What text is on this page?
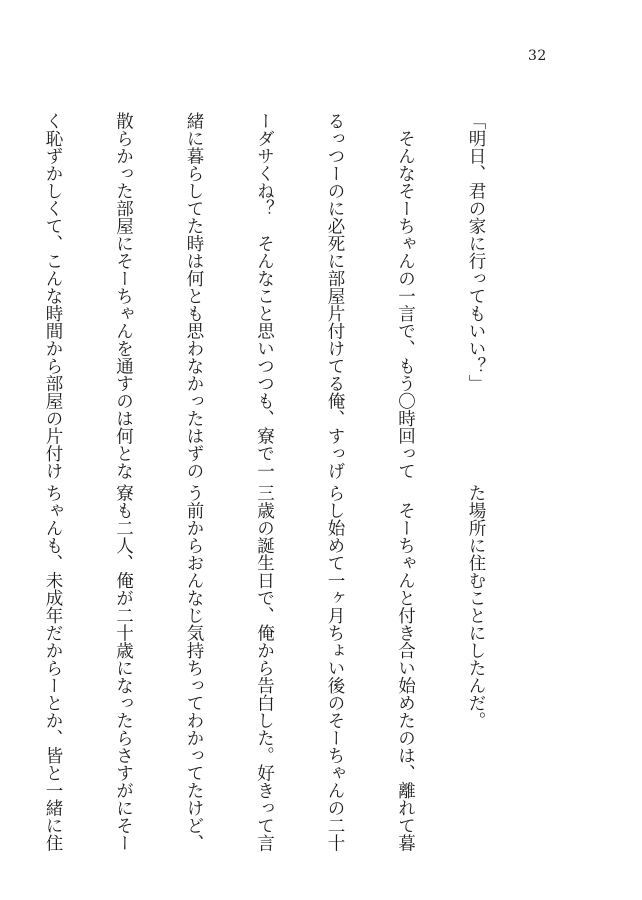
32

「明日、君の家に行ってもいい？」

　そんなそーちゃんの一言で、もう〇時回って

るっつーのに必死に部屋片付けてる俺、すっげ

ーダサくね？　そんなこと思いつつも、寮で一

緒に暮らしてた時は何とも思わなかったはずの

散らかった部屋にそーちゃんを通すのは何とな

く恥ずかしくて、こんな時間から部屋の片付け

た場所に住むことにしたんだ。

　そーちゃんと付き合い始めたのは、離れて暮

らし始めて一ヶ月ちょい後のそーちゃんの二十

三歳の誕生日で、俺から告白した。好きって言

う前からおんなじ気持ちってわかってたけど、

寮も二人、俺が二十歳になったらさすがにそー

ちゃんも、未成年だからーとか、皆と一緒に住
